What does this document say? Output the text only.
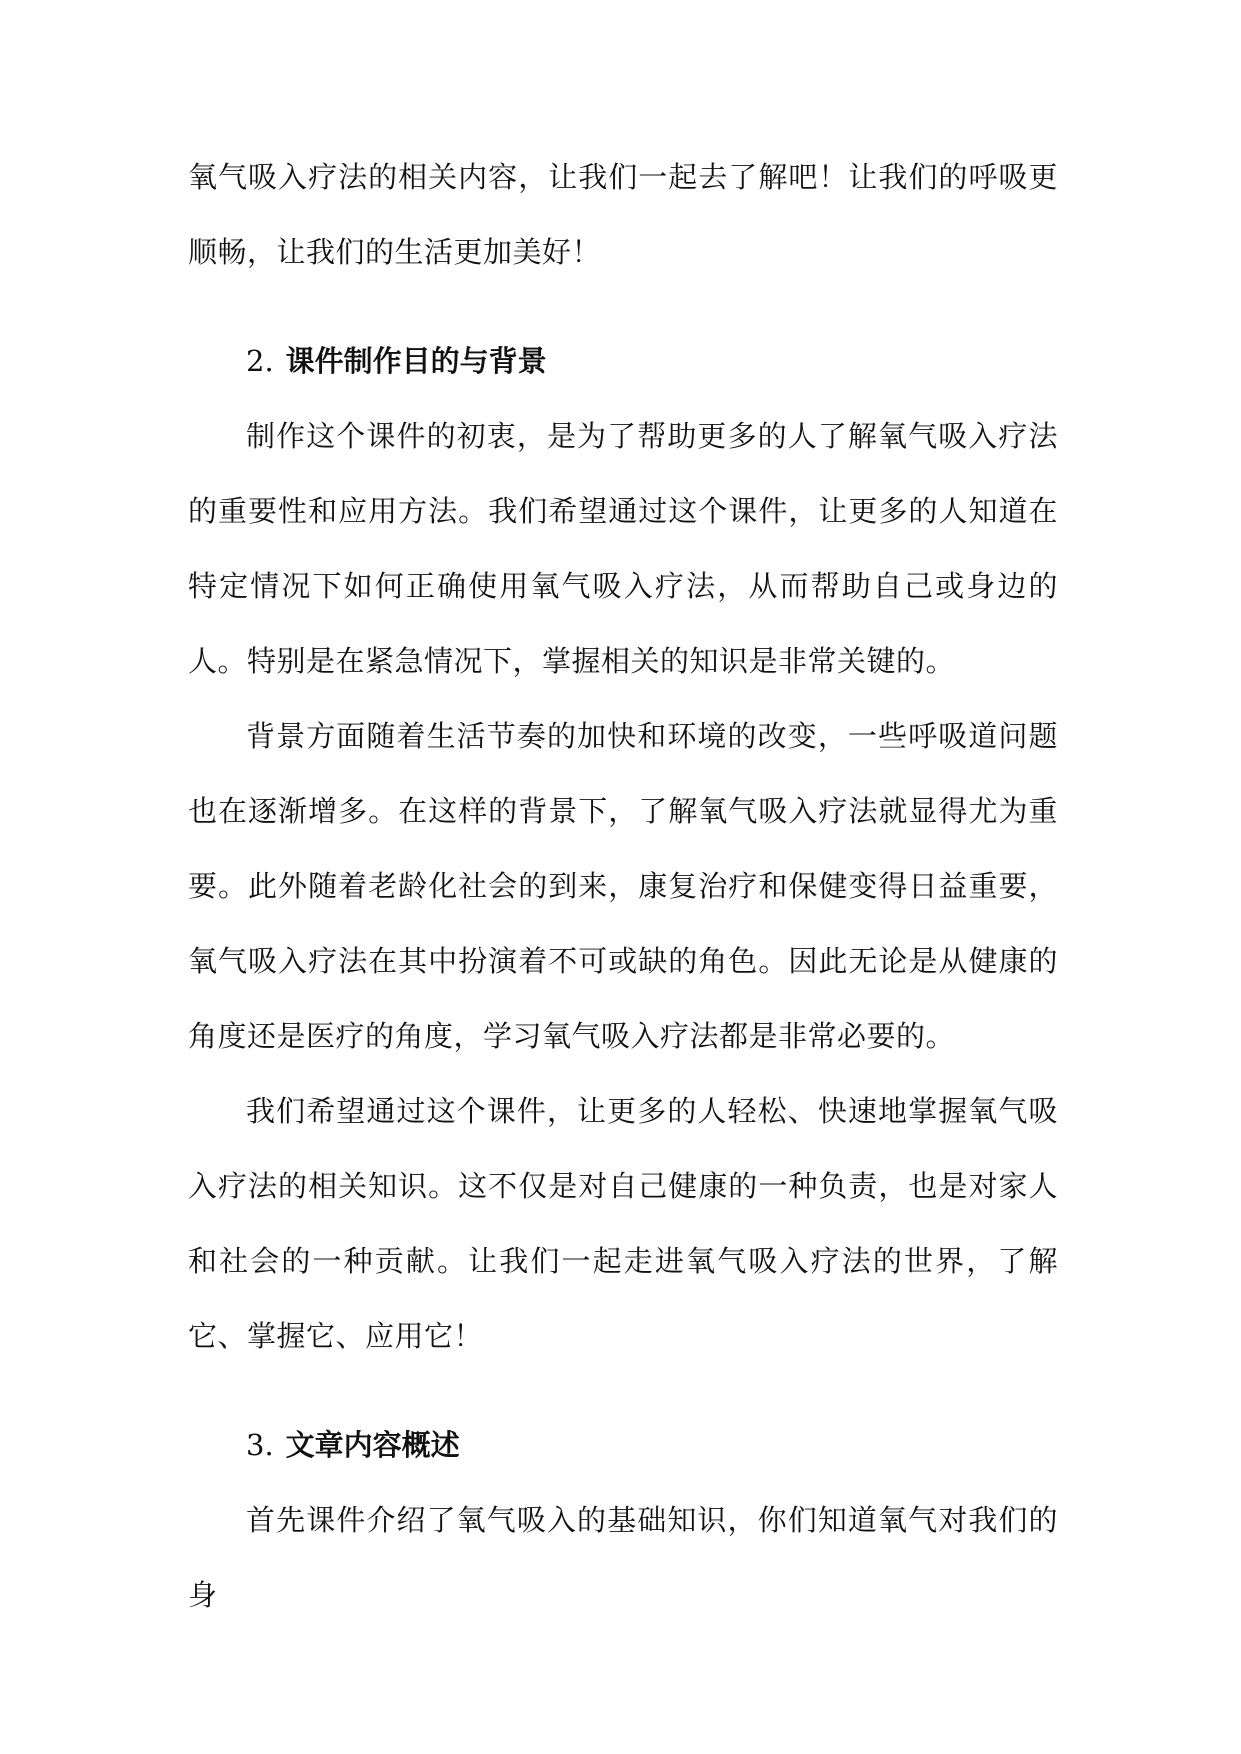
氧气吸入疗法的相关内容，让我们一起去了解吧！让我们的呼吸更顺畅，让我们的生活更加美好！

2. 课件制作目的与背景

制作这个课件的初衷，是为了帮助更多的人了解氧气吸入疗法的重要性和应用方法。我们希望通过这个课件，让更多的人知道在特定情况下如何正确使用氧气吸入疗法，从而帮助自己或身边的人。特别是在紧急情况下，掌握相关的知识是非常关键的。

背景方面随着生活节奏的加快和环境的改变，一些呼吸道问题也在逐渐增多。在这样的背景下，了解氧气吸入疗法就显得尤为重要。此外随着老龄化社会的到来，康复治疗和保健变得日益重要，氧气吸入疗法在其中扮演着不可或缺的角色。因此无论是从健康的角度还是医疗的角度，学习氧气吸入疗法都是非常必要的。

我们希望通过这个课件，让更多的人轻松、快速地掌握氧气吸入疗法的相关知识。这不仅是对自己健康的一种负责，也是对家人和社会的一种贡献。让我们一起走进氧气吸入疗法的世界，了解它、掌握它、应用它！

3. 文章内容概述

首先课件介绍了氧气吸入的基础知识，你们知道氧气对我们的身
